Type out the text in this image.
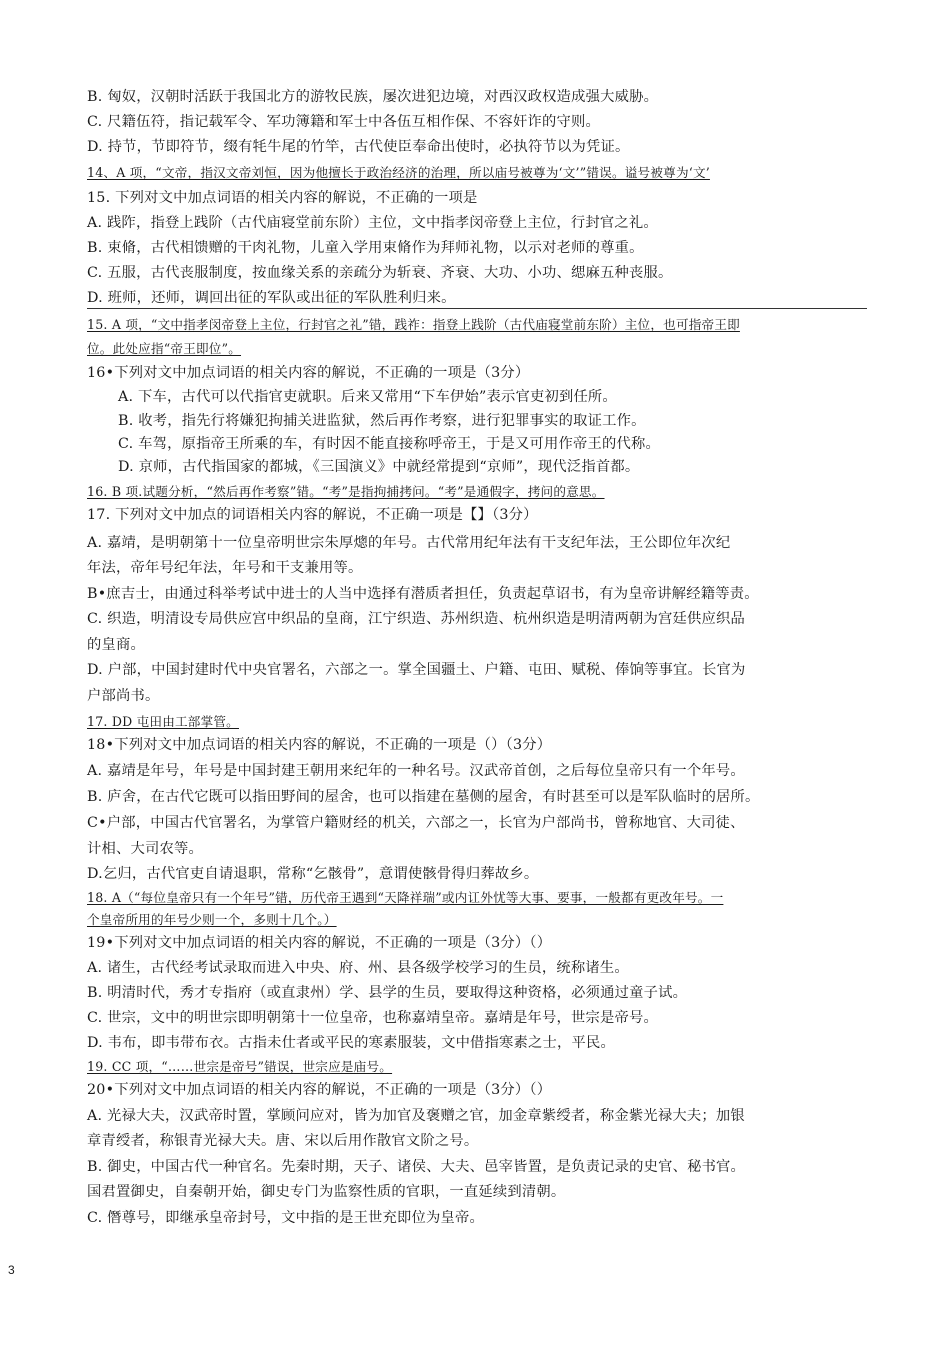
B. 匈奴，汉朝时活跃于我国北方的游牧民族，屡次进犯边境，对西汉政权造成强大威胁。
C. 尺籍伍符，指记载军令、军功簿籍和军士中各伍互相作保、不容奸诈的守则。
D. 持节，节即符节，缀有牦牛尾的竹竿，古代使臣奉命出使时，必执符节以为凭证。
14、A 项，“文帝，指汉文帝刘恒，因为他擅长于政治经济的治理，所以庙号被尊为‘文’”错误。谥号被尊为‘文’
15. 下列对文中加点词语的相关内容的解说，不正确的一项是
A. 践阼，指登上践阶（古代庙寝堂前东阶）主位，文中指孝闵帝登上主位，行封官之礼。
B. 束脩，古代相馈赠的干肉礼物，儿童入学用束脩作为拜师礼物，以示对老师的尊重。
C. 五服，古代丧服制度，按血缘关系的亲疏分为斩衰、齐衰、大功、小功、缌麻五种丧服。
D. 班师，还师，调回出征的军队或出征的军队胜利归来。
15. A 项，“文中指孝闵帝登上主位，行封官之礼”错，践祚：指登上践阶（古代庙寝堂前东阶）主位，也可指帝王即
位。此处应指“帝王即位”。
16•下列对文中加点词语的相关内容的解说，不正确的一项是（3分）
A. 下车，古代可以代指官吏就职。后来又常用“下车伊始”表示官吏初到任所。
B. 收考，指先行将嫌犯拘捕关进监狱，然后再作考察，进行犯罪事实的取证工作。
C. 车驾，原指帝王所乘的车，有时因不能直接称呼帝王，于是又可用作帝王的代称。
D. 京师，古代指国家的都城，《三国演义》中就经常提到“京师”，现代泛指首都。
16. B 项.试题分析，“然后再作考察”错。“考”是指拘捕拷问。“考”是通假字，拷问的意思。
17. 下列对文中加点的词语相关内容的解说，不正确一项是【】（3分）
A. 嘉靖，是明朝第十一位皇帝明世宗朱厚熜的年号。古代常用纪年法有干支纪年法，王公即位年次纪
年法，帝年号纪年法，年号和干支兼用等。
B•庶吉士，由通过科举考试中进士的人当中选择有潜质者担任，负责起草诏书，有为皇帝讲解经籍等责。
C. 织造，明清设专局供应宫中织品的皇商，江宁织造、苏州织造、杭州织造是明清两朝为宫廷供应织品
的皇商。
D. 户部，中国封建时代中央官署名，六部之一。掌全国疆土、户籍、屯田、赋税、俸饷等事宜。长官为
户部尚书。
17. DD 屯田由工部掌管。
18•下列对文中加点词语的相关内容的解说，不正确的一项是（）（3分）
A. 嘉靖是年号，年号是中国封建王朝用来纪年的一种名号。汉武帝首创，之后每位皇帝只有一个年号。
B. 庐舍，在古代它既可以指田野间的屋舍，也可以指建在墓侧的屋舍，有时甚至可以是军队临时的居所。
C•户部，中国古代官署名，为掌管户籍财经的机关，六部之一，长官为户部尚书，曾称地官、大司徒、
计相、大司农等。
D.乞归，古代官吏自请退职，常称“乞骸骨”，意谓使骸骨得归葬故乡。
18. A（“每位皇帝只有一个年号”错，历代帝王遇到“天降祥瑞”或内讧外忧等大事、要事，一般都有更改年号。一
个皇帝所用的年号少则一个，多则十几个。）
19•下列对文中加点词语的相关内容的解说，不正确的一项是（3分）（）
A. 诸生，古代经考试录取而进入中央、府、州、县各级学校学习的生员，统称诸生。
B. 明清时代，秀才专指府（或直隶州）学、县学的生员，要取得这种资格，必须通过童子试。
C. 世宗，文中的明世宗即明朝第十一位皇帝，也称嘉靖皇帝。嘉靖是年号，世宗是帝号。
D. 韦布，即韦带布衣。古指未仕者或平民的寒素服装，文中借指寒素之士，平民。
19. CC 项，“……世宗是帝号”错误，世宗应是庙号。
20•下列对文中加点词语的相关内容的解说，不正确的一项是（3分）（）
A. 光禄大夫，汉武帝时置，掌顾问应对，皆为加官及褒赠之官，加金章紫绶者，称金紫光禄大夫；加银
章青绶者，称银青光禄大夫。唐、宋以后用作散官文阶之号。
B. 御史，中国古代一种官名。先秦时期，天子、诸侯、大夫、邑宰皆置，是负责记录的史官、秘书官。
国君置御史，自秦朝开始，御史专门为监察性质的官职，一直延续到清朝。
C. 僭尊号，即继承皇帝封号，文中指的是王世充即位为皇帝。
3
